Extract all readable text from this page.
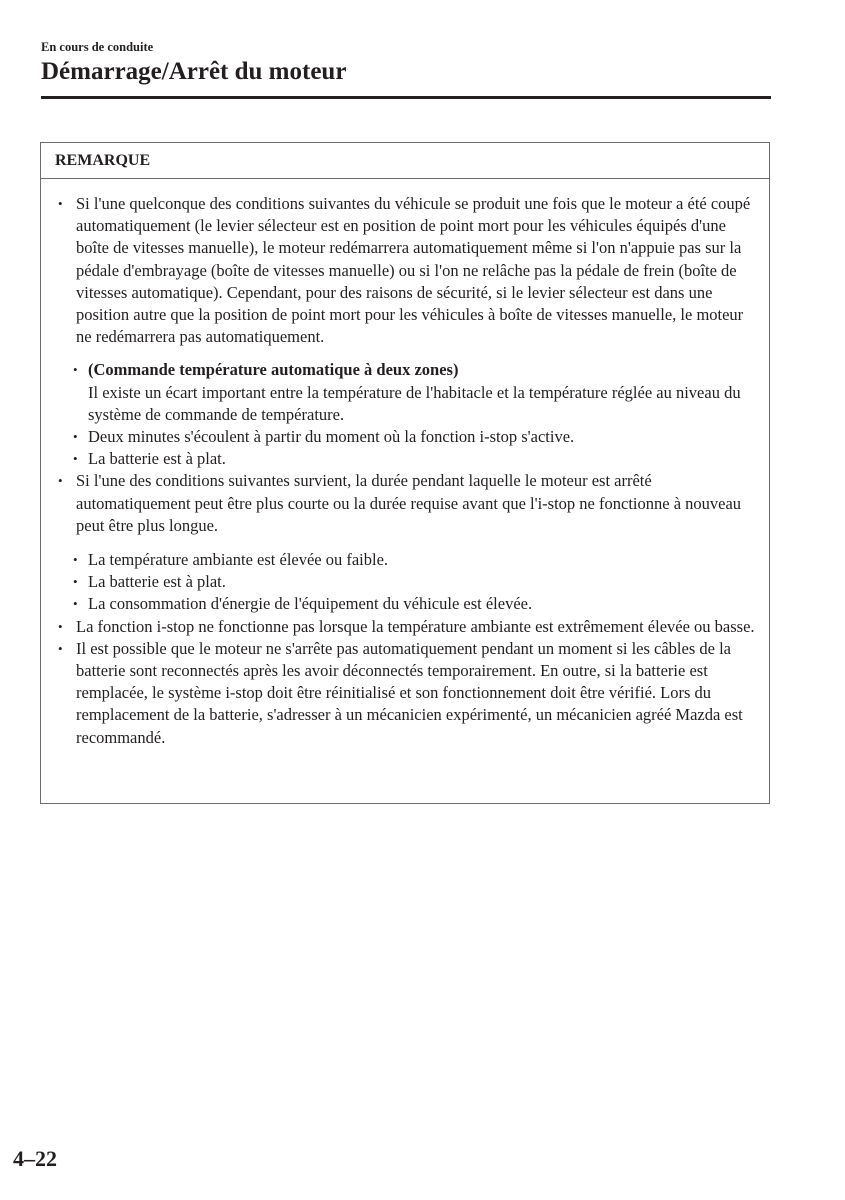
En cours de conduite
Démarrage/Arrêt du moteur
REMARQUE
• Si l'une quelconque des conditions suivantes du véhicule se produit une fois que le moteur a été coupé automatiquement (le levier sélecteur est en position de point mort pour les véhicules équipés d'une boîte de vitesses manuelle), le moteur redémarrera automatiquement même si l'on n'appuie pas sur la pédale d'embrayage (boîte de vitesses manuelle) ou si l'on ne relâche pas la pédale de frein (boîte de vitesses automatique). Cependant, pour des raisons de sécurité, si le levier sélecteur est dans une position autre que la position de point mort pour les véhicules à boîte de vitesses manuelle, le moteur ne redémarrera pas automatiquement.
• (Commande température automatique à deux zones)
Il existe un écart important entre la température de l'habitacle et la température réglée au niveau du système de commande de température.
• Deux minutes s'écoulent à partir du moment où la fonction i-stop s'active.
• La batterie est à plat.
• Si l'une des conditions suivantes survient, la durée pendant laquelle le moteur est arrêté automatiquement peut être plus courte ou la durée requise avant que l'i-stop ne fonctionne à nouveau peut être plus longue.
• La température ambiante est élevée ou faible.
• La batterie est à plat.
• La consommation d'énergie de l'équipement du véhicule est élevée.
• La fonction i-stop ne fonctionne pas lorsque la température ambiante est extrêmement élevée ou basse.
• Il est possible que le moteur ne s'arrête pas automatiquement pendant un moment si les câbles de la batterie sont reconnectés après les avoir déconnectés temporairement. En outre, si la batterie est remplacée, le système i-stop doit être réinitialisé et son fonctionnement doit être vérifié. Lors du remplacement de la batterie, s'adresser à un mécanicien expérimenté, un mécanicien agréé Mazda est recommandé.
4–22
